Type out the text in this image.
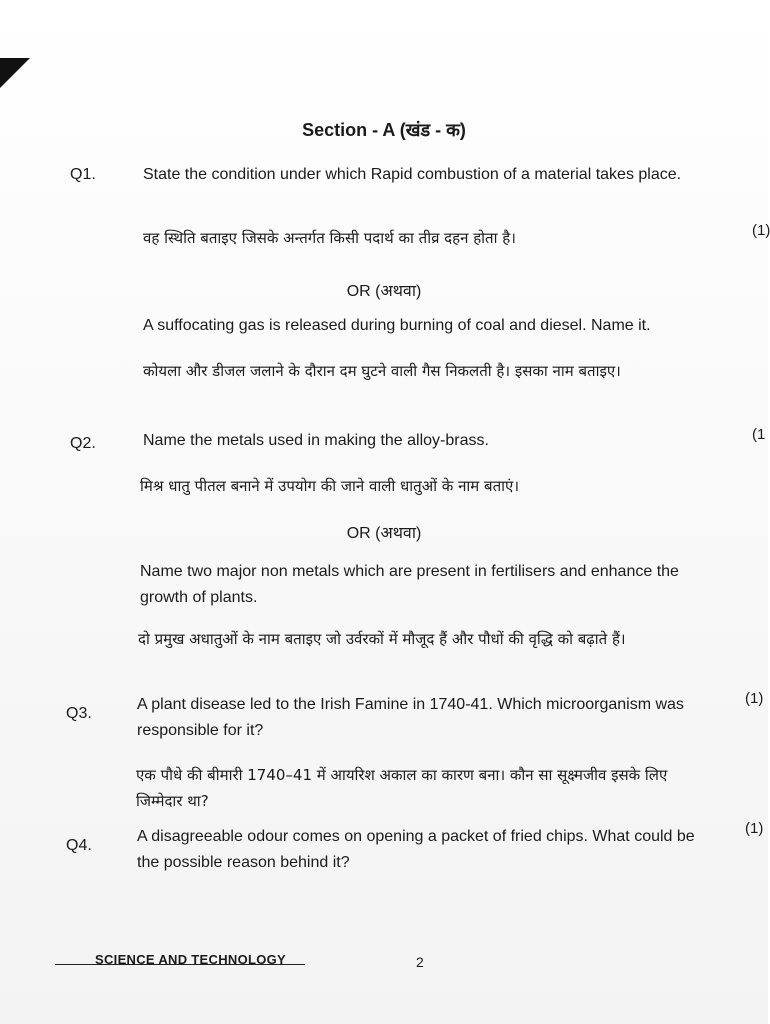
Section - A (खंड - क)
Q1.	State the condition under which Rapid combustion of a material takes place.
वह स्थिति बताइए जिसके अन्तर्गत किसी पदार्थ का तीव्र दहन होता है।	(1)
OR (अथवा)
A suffocating gas is released during burning of coal and diesel. Name it.
कोयला और डीजल जलाने के दौरान दम घुटने वाली गैस निकलती है। इसका नाम बताइए।
Q2.	Name the metals used in making the alloy-brass.	(1
मिश्र धातु पीतल बनाने में उपयोग की जाने वाली धातुओं के नाम बताएं।
OR (अथवा)
Name two major non metals which are present in fertilisers and enhance the growth of plants.
दो प्रमुख अधातुओं के नाम बताइए जो उर्वरकों में मौजूद हैं और पौधों की वृद्धि को बढ़ाते हैं।
Q3.
A plant disease led to the Irish Famine in 1740-41. Which microorganism was responsible for it?
(1)
एक पौधे की बीमारी 1740–41 में आयरिश अकाल का कारण बना। कौन सा सूक्ष्मजीव इसके लिए जिम्मेदार था?
Q4.
A disagreeable odour comes on opening a packet of fried chips. What could be the possible reason behind it?
(1)
SCIENCE AND TECHNOLOGY	2
